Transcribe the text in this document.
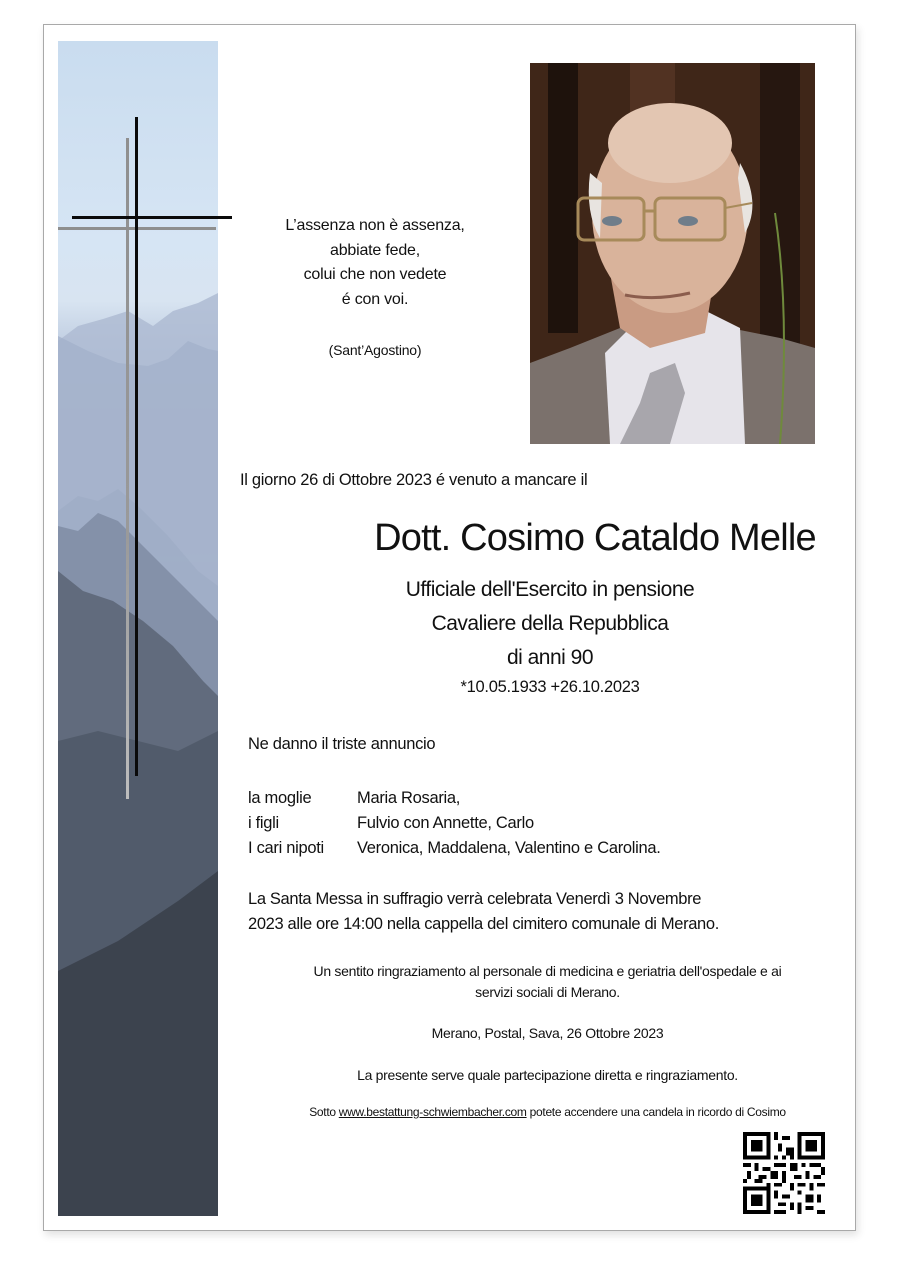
L’assenza non è assenza,
abbiate fede,
colui che non vedete
é con voi.
(Sant’Agostino)
Il giorno 26 di Ottobre 2023 é venuto a mancare il
Dott. Cosimo Cataldo Melle
Ufficiale dell'Esercito in pensione
Cavaliere della Repubblica
di anni 90
*10.05.1933 +26.10.2023
Ne danno il triste annuncio
la moglie	Maria Rosaria,
i figli	Fulvio con Annette, Carlo
I cari nipoti	Veronica, Maddalena, Valentino e Carolina.
La Santa Messa in suffragio verrà celebrata Venerdì 3 Novembre
2023 alle ore 14:00 nella cappella del cimitero comunale di Merano.
Un sentito ringraziamento al personale di medicina e geriatria dell'ospedale e ai
servizi sociali di Merano.
Merano, Postal, Sava, 26 Ottobre 2023
La presente serve quale partecipazione diretta e ringraziamento.
Sotto www.bestattung-schwiembacher.com potete accendere una candela in ricordo di Cosimo
